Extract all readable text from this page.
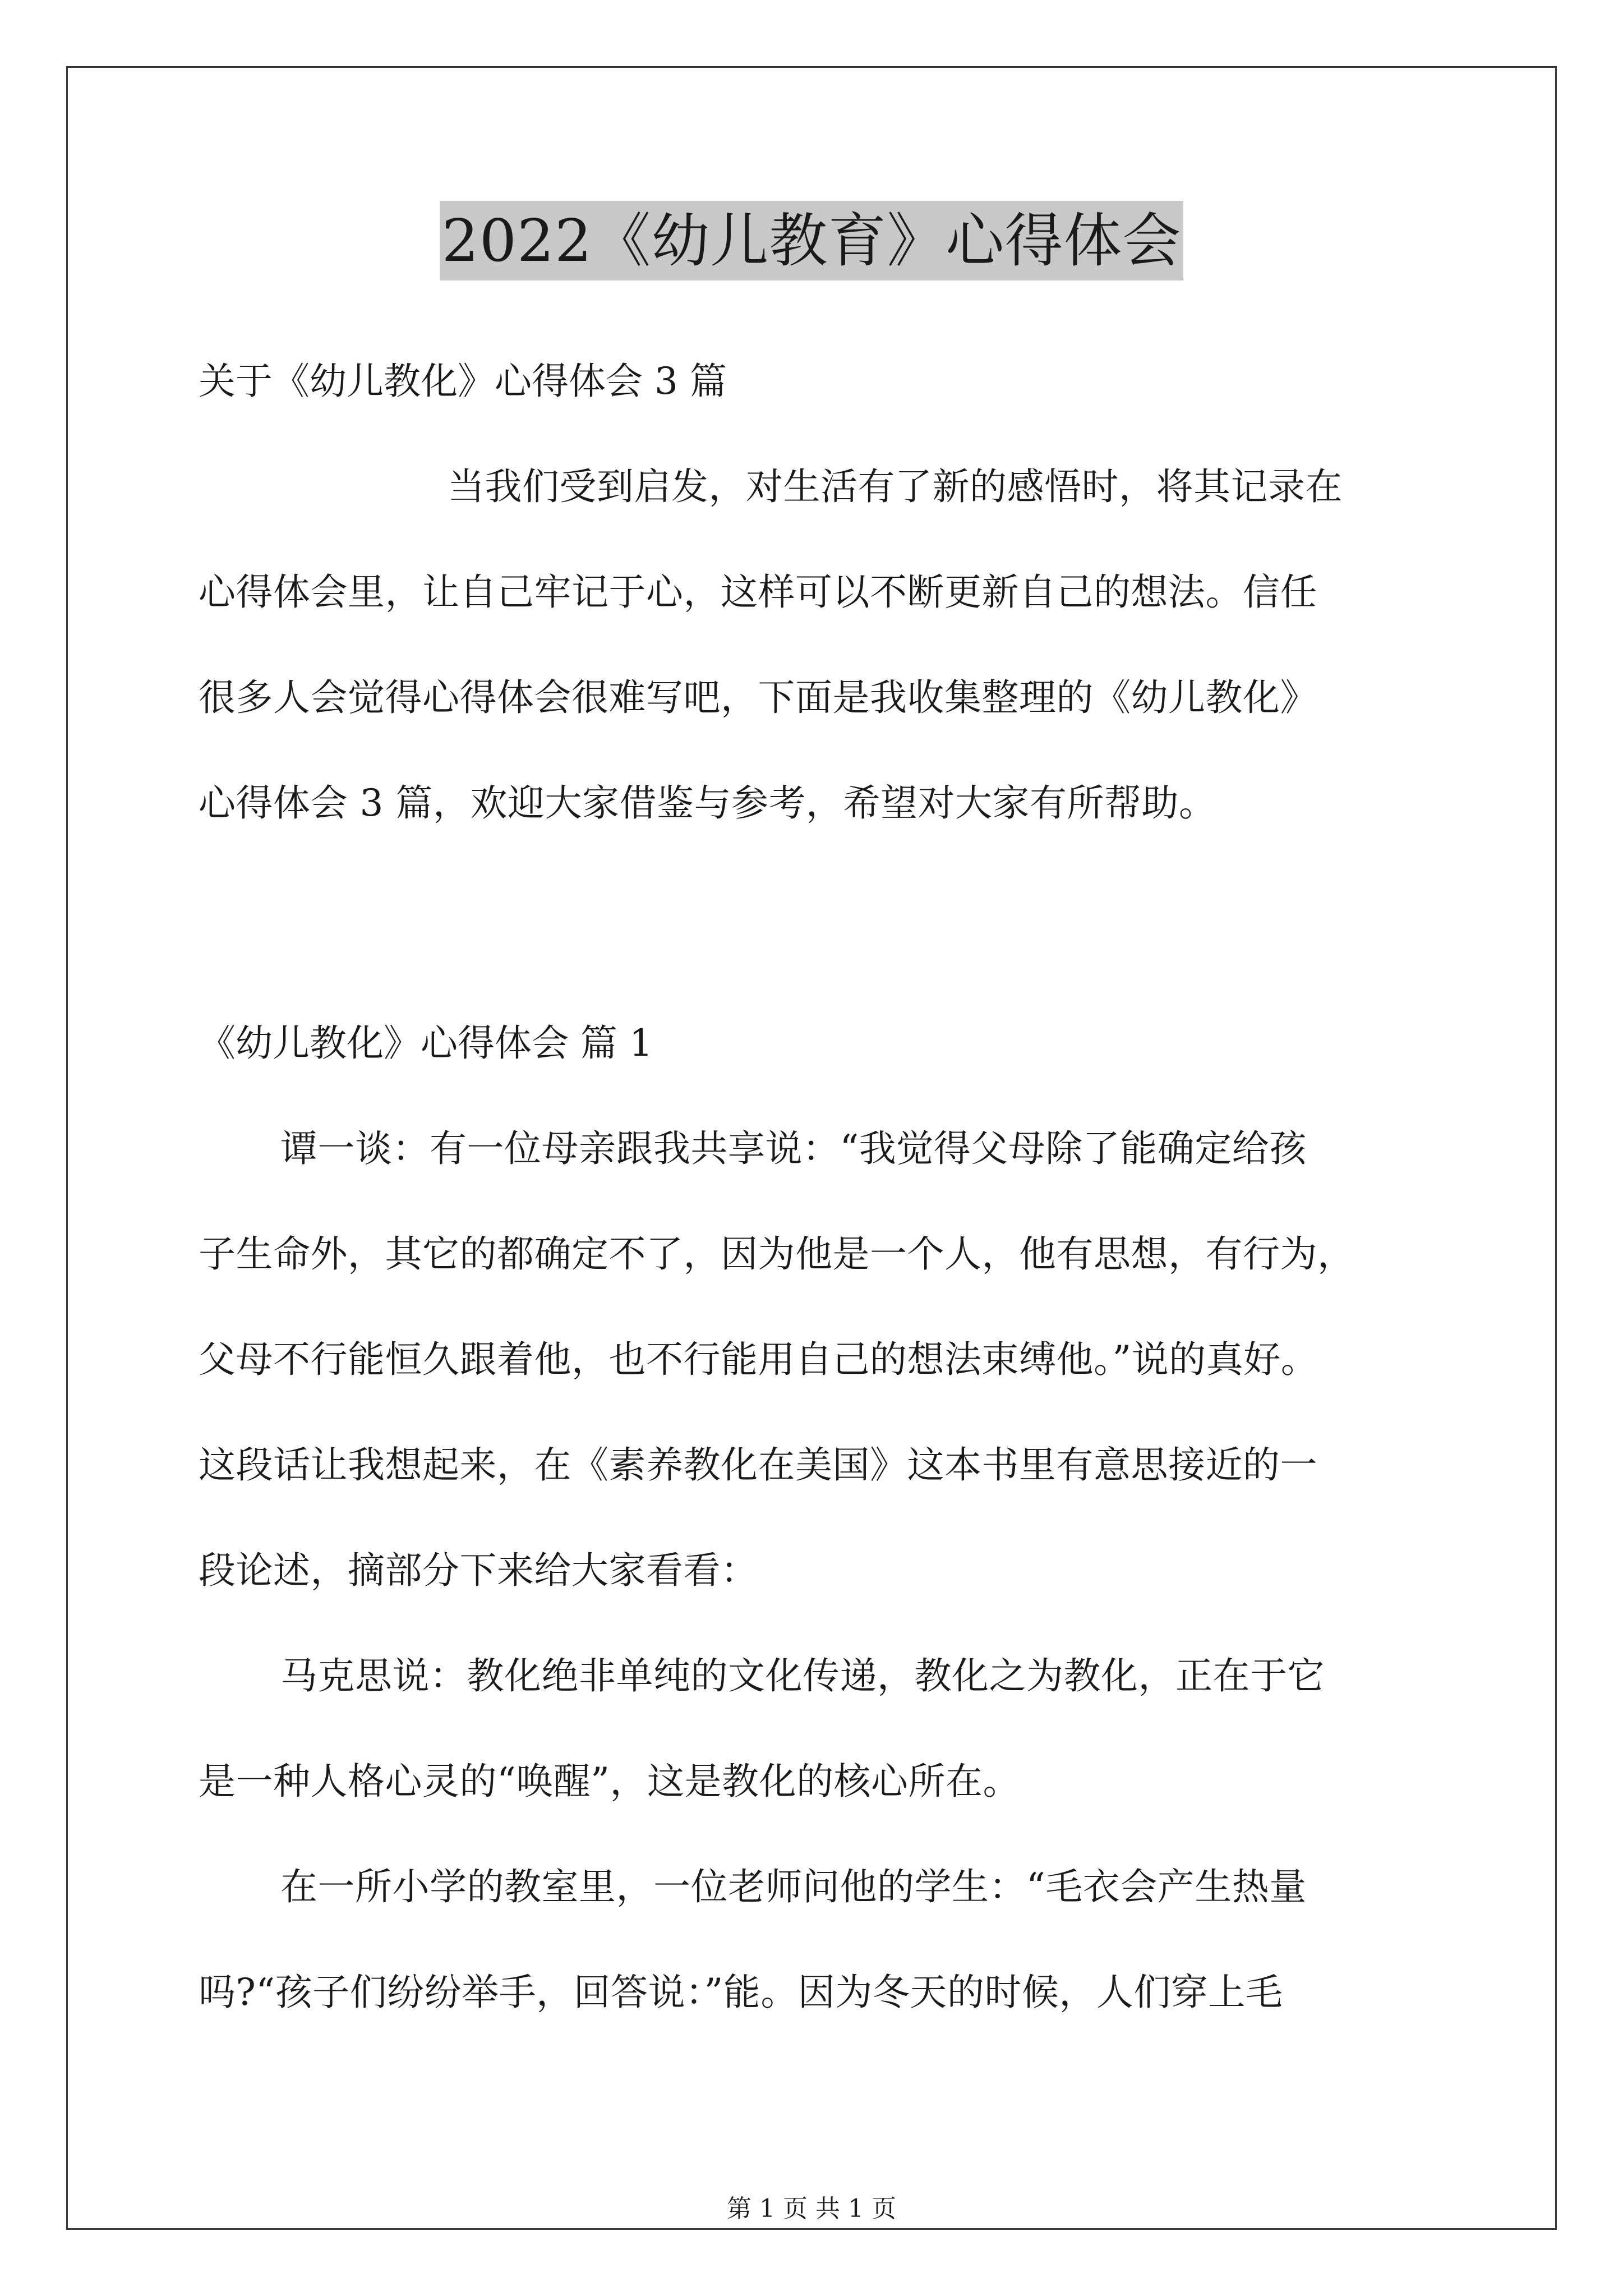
2022《幼儿教育》心得体会
关于《幼儿教化》心得体会 3 篇
当我们受到启发，对生活有了新的感悟时，将其记录在
心得体会里，让自己牢记于心，这样可以不断更新自己的想法。信任
很多人会觉得心得体会很难写吧，下面是我收集整理的《幼儿教化》
心得体会 3 篇，欢迎大家借鉴与参考，希望对大家有所帮助。
《幼儿教化》心得体会 篇 1
谭一谈：有一位母亲跟我共享说：“我觉得父母除了能确定给孩
子生命外，其它的都确定不了，因为他是一个人，他有思想，有行为，
父母不行能恒久跟着他，也不行能用自己的想法束缚他。”说的真好。
这段话让我想起来，在《素养教化在美国》这本书里有意思接近的一
段论述，摘部分下来给大家看看：
马克思说：教化绝非单纯的文化传递，教化之为教化，正在于它
是一种人格心灵的“唤醒”，这是教化的核心所在。
在一所小学的教室里，一位老师问他的学生：“毛衣会产生热量
吗?“孩子们纷纷举手，回答说：”能。因为冬天的时候，人们穿上毛
第 1 页 共 1 页
